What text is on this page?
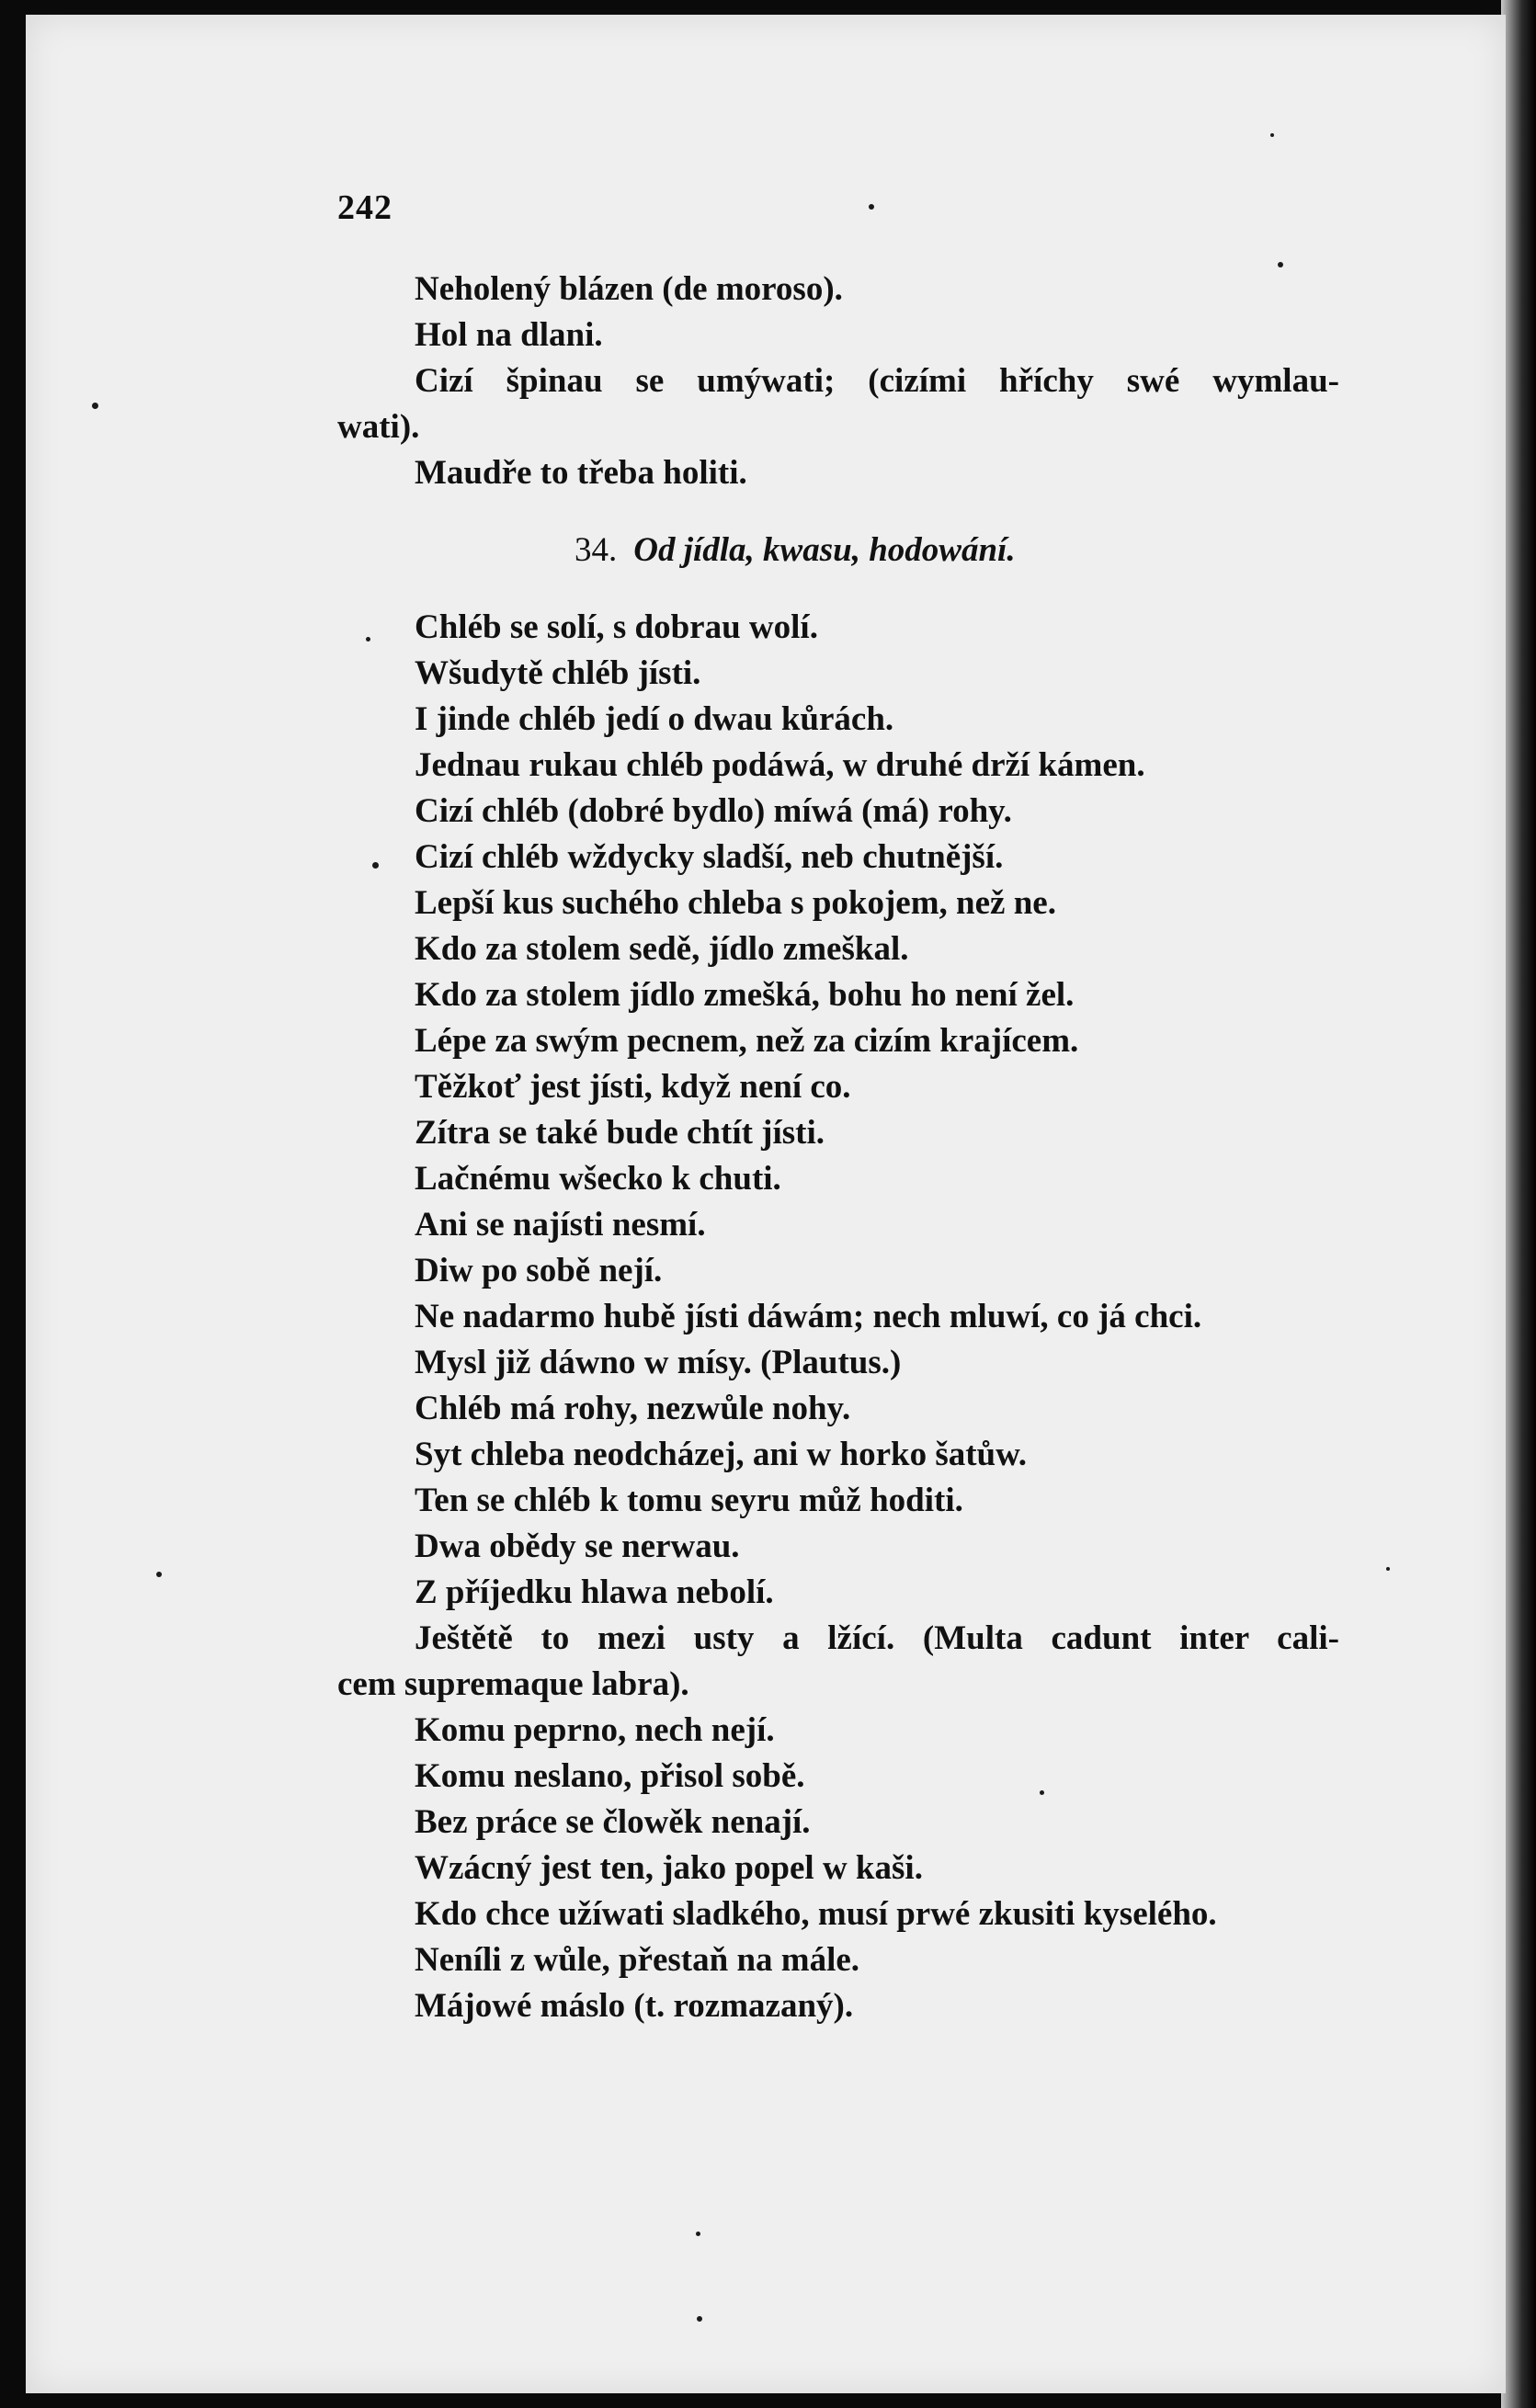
242
Neholený blázen (de moroso).
Hol na dlani.
Cizí špinau se umýwati; (cizími hříchy swé wymlau-
wati).
Maudře to třeba holiti.
34. Od jídla, kwasu, hodowání.
Chléb se solí, s dobrau wolí.
Wšudytě chléb jísti.
I jinde chléb jedí o dwau kůrách.
Jednau rukau chléb podáwá, w druhé drží kámen.
Cizí chléb (dobré bydlo) míwá (má) rohy.
Cizí chléb wždycky sladší, neb chutnější.
Lepší kus suchého chleba s pokojem, než ne.
Kdo za stolem sedě, jídlo zmeškal.
Kdo za stolem jídlo zmešká, bohu ho není žel.
Lépe za swým pecnem, než za cizím krajícem.
Těžkoť jest jísti, když není co.
Zítra se také bude chtít jísti.
Lačnému wšecko k chuti.
Ani se najísti nesmí.
Diw po sobě nejí.
Ne nadarmo hubě jísti dáwám; nech mluwí, co já chci.
Mysl již dáwno w mísy. (Plautus.)
Chléb má rohy, nezwůle nohy.
Syt chleba neodcházej, ani w horko šatůw.
Ten se chléb k tomu seyru můž hoditi.
Dwa obědy se nerwau.
Z příjedku hlawa nebolí.
Ještětě to mezi usty a lžící. (Multa cadunt inter cali-
cem supremaque labra).
Komu peprno, nech nejí.
Komu neslano, přisol sobě.
Bez práce se člowěk nenají.
Wzácný jest ten, jako popel w kaši.
Kdo chce užíwati sladkého, musí prwé zkusiti kyselého.
Neníli z wůle, přestaň na mále.
Májowé máslo (t. rozmazaný).
